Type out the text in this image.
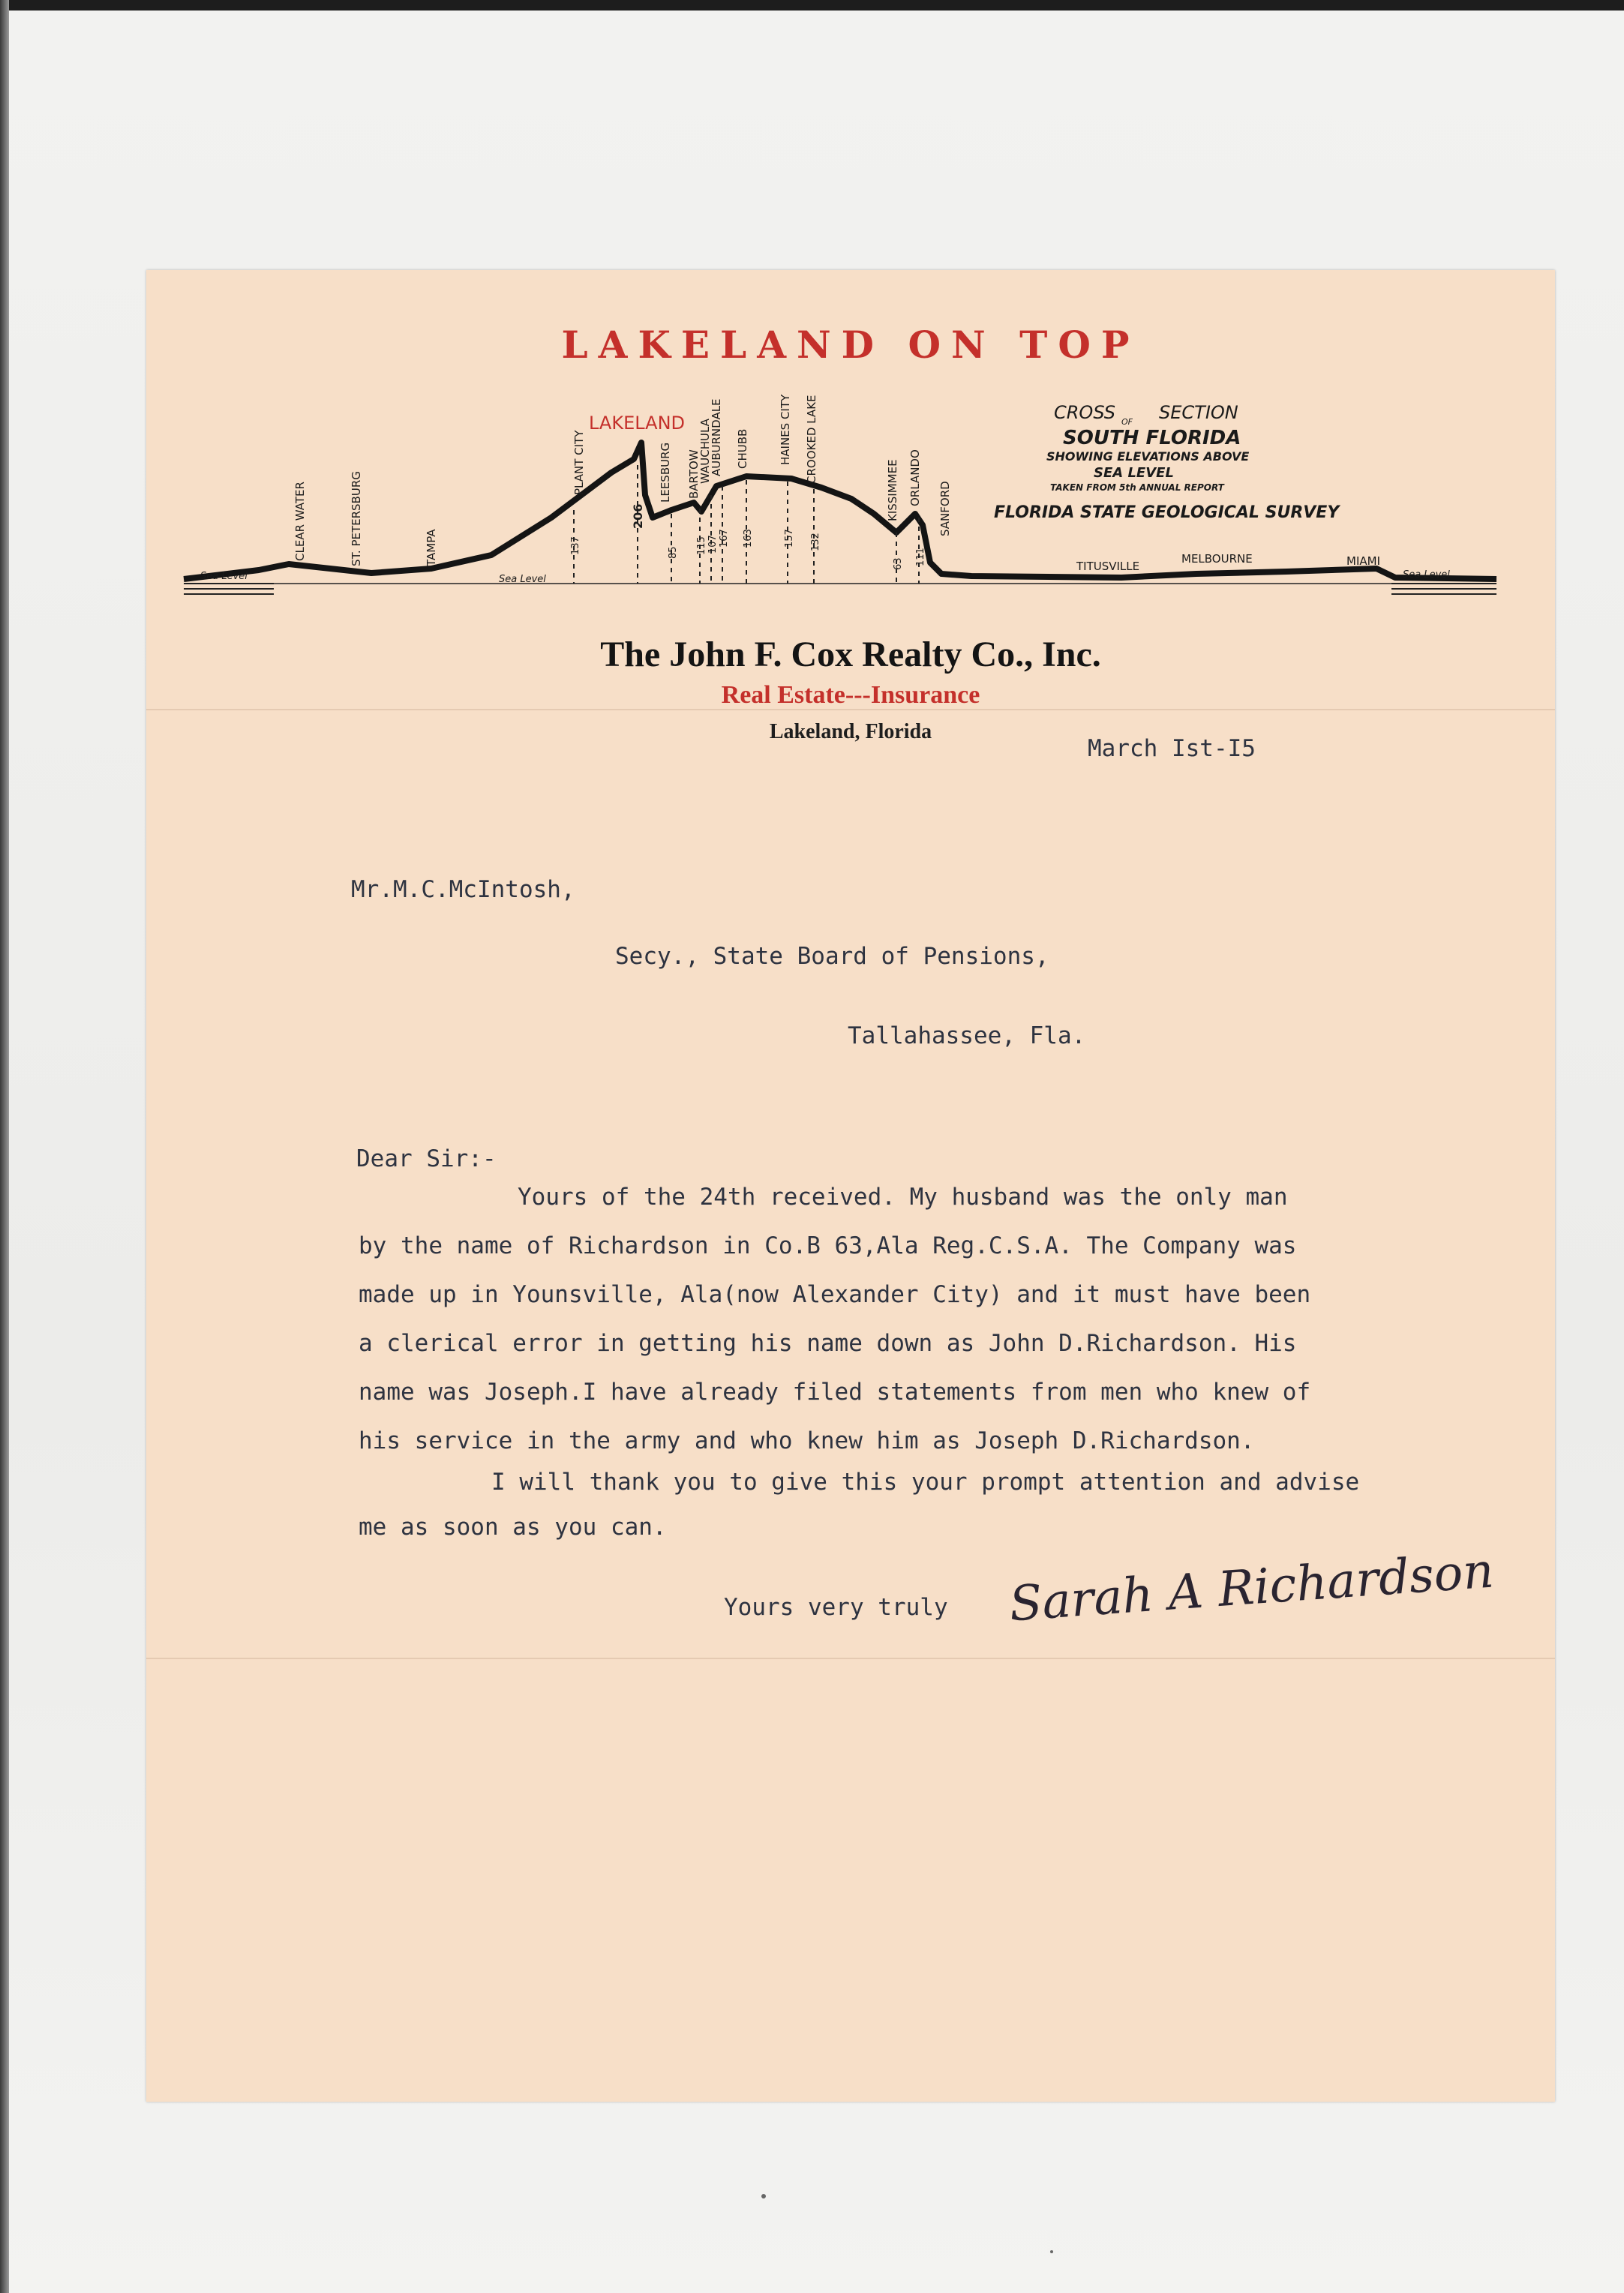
LAKELAND ON TOP
CLEAR WATER	ST. PETERSBURG	TAMPA
PLANT CITY	LEESBURG BARTOW
WAUCHULA
AUBURNDALE CHUBB	HAINES CITY CROOKED LAKE
KISSIMMEE ORLANDO
SANFORD
TITUSVILLE
MELBOURNE	MIAMI
LAKELAND
137
206
85 115 107 167 163	157 132
63 111
Sea Level	Sea Level	Sea Level
CROSS OF SECTION
SOUTH FLORIDA
SHOWING ELEVATIONS ABOVE
SEA LEVEL
TAKEN FROM 5th ANNUAL REPORT
FLORIDA STATE GEOLOGICAL SURVEY
The John F. Cox Realty Co., Inc.
Real Estate---Insurance
Lakeland, Florida
March Ist-I5
Mr.M.C.McIntosh,
Secy., State Board of Pensions,
Tallahassee, Fla.
Dear Sir:-
Yours of the 24th received. My husband was the only man
by the name of Richardson in Co.B 63,Ala Reg.C.S.A. The Company was
made up in Younsville, Ala(now Alexander City) and it must have been
a clerical error in getting his name down as John D.Richardson. His
name was Joseph.I have already filed statements from men who knew of
his service in the army and who knew him as Joseph D.Richardson.
I will thank you to give this your prompt attention and advise
me as soon as you can.
Yours very truly Sarah A Richardson
